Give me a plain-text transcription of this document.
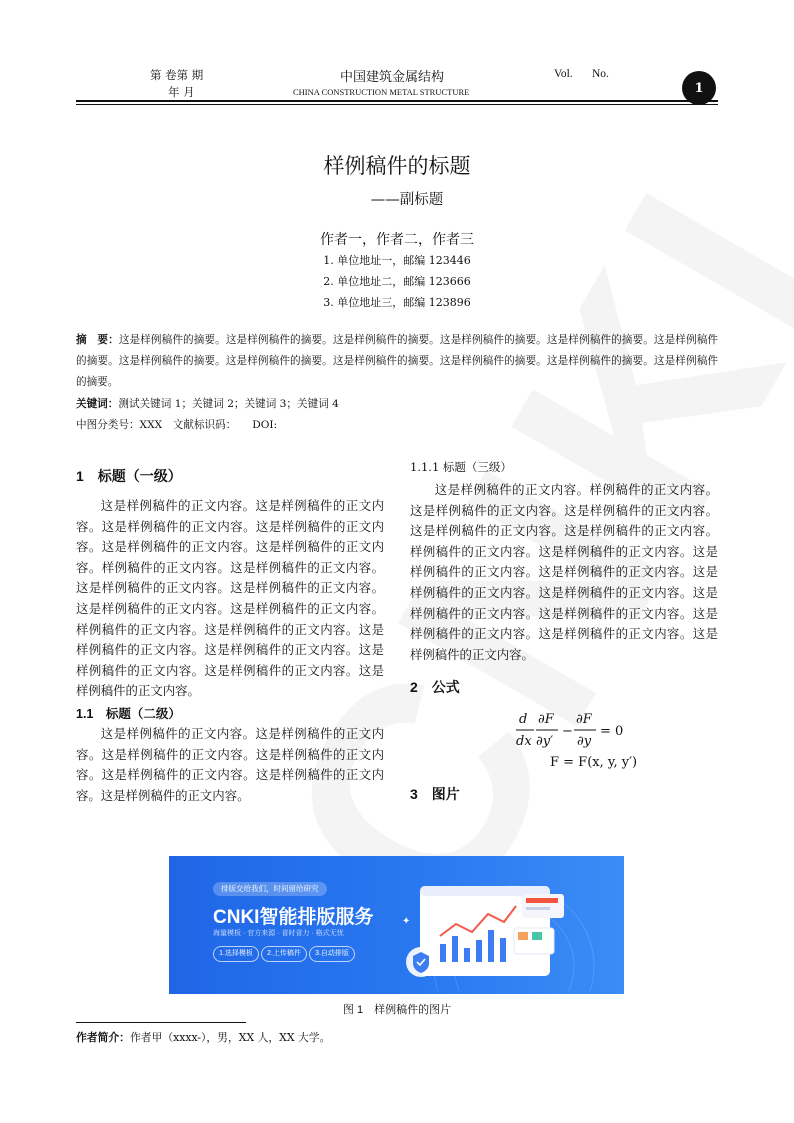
第 卷第 期
年 月
中国建筑金属结构
CHINA CONSTRUCTION METAL STRUCTURE
Vol. No.
1
样例稿件的标题
——副标题
作者一，作者二，作者三
1. 单位地址一，邮编 123446
2. 单位地址二，邮编 123666
3. 单位地址三，邮编 123896
摘　要：这是样例稿件的摘要。这是样例稿件的摘要。这是样例稿件的摘要。这是样例稿件的摘要。这是样例稿件的摘要。这是样例稿件的摘要。这是样例稿件的摘要。这是样例稿件的摘要。这是样例稿件的摘要。这是样例稿件的摘要。这是样例稿件的摘要。这是样例稿件的摘要。
关键词：测试关键词 1；关键词 2；关键词 3；关键词 4
中图分类号：XXX　文献标识码：　　DOI:
1　标题（一级）

这是样例稿件的正文内容。这是样例稿件的正文内容。这是样例稿件的正文内容。这是样例稿件的正文内容。这是样例稿件的正文内容。这是样例稿件的正文内容。样例稿件的正文内容。这是样例稿件的正文内容。这是样例稿件的正文内容。这是样例稿件的正文内容。这是样例稿件的正文内容。这是样例稿件的正文内容。样例稿件的正文内容。这是样例稿件的正文内容。这是样例稿件的正文内容。这是样例稿件的正文内容。这是样例稿件的正文内容。这是样例稿件的正文内容。这是样例稿件的正文内容。

1.1　标题（二级）

这是样例稿件的正文内容。这是样例稿件的正文内容。这是样例稿件的正文内容。这是样例稿件的正文内容。这是样例稿件的正文内容。这是样例稿件的正文内容。这是样例稿件的正文内容。

1.1.1 标题（三级）

这是样例稿件的正文内容。样例稿件的正文内容。这是样例稿件的正文内容。这是样例稿件的正文内容。这是样例稿件的正文内容。这是样例稿件的正文内容。样例稿件的正文内容。这是样例稿件的正文内容。这是样例稿件的正文内容。这是样例稿件的正文内容。这是样例稿件的正文内容。这是样例稿件的正文内容。这是样例稿件的正文内容。这是样例稿件的正文内容。这是样例稿件的正文内容。这是样例稿件的正文内容。这是样例稿件的正文内容。

2　公式
d
dx
∂F
∂y′
−
∂F
∂y
= 0
F = F(x, y, y′)
3　图片
排版交给我们，时间留给研究
CNKI智能排版服务
海量模板 · 官方来源 · 省时省力 · 格式无忧
1.选择模板	2.上传稿件	3.自动排版
✦
图 1　样例稿件的图片
作者简介：作者甲（xxxx-），男，XX 人，XX 大学。
